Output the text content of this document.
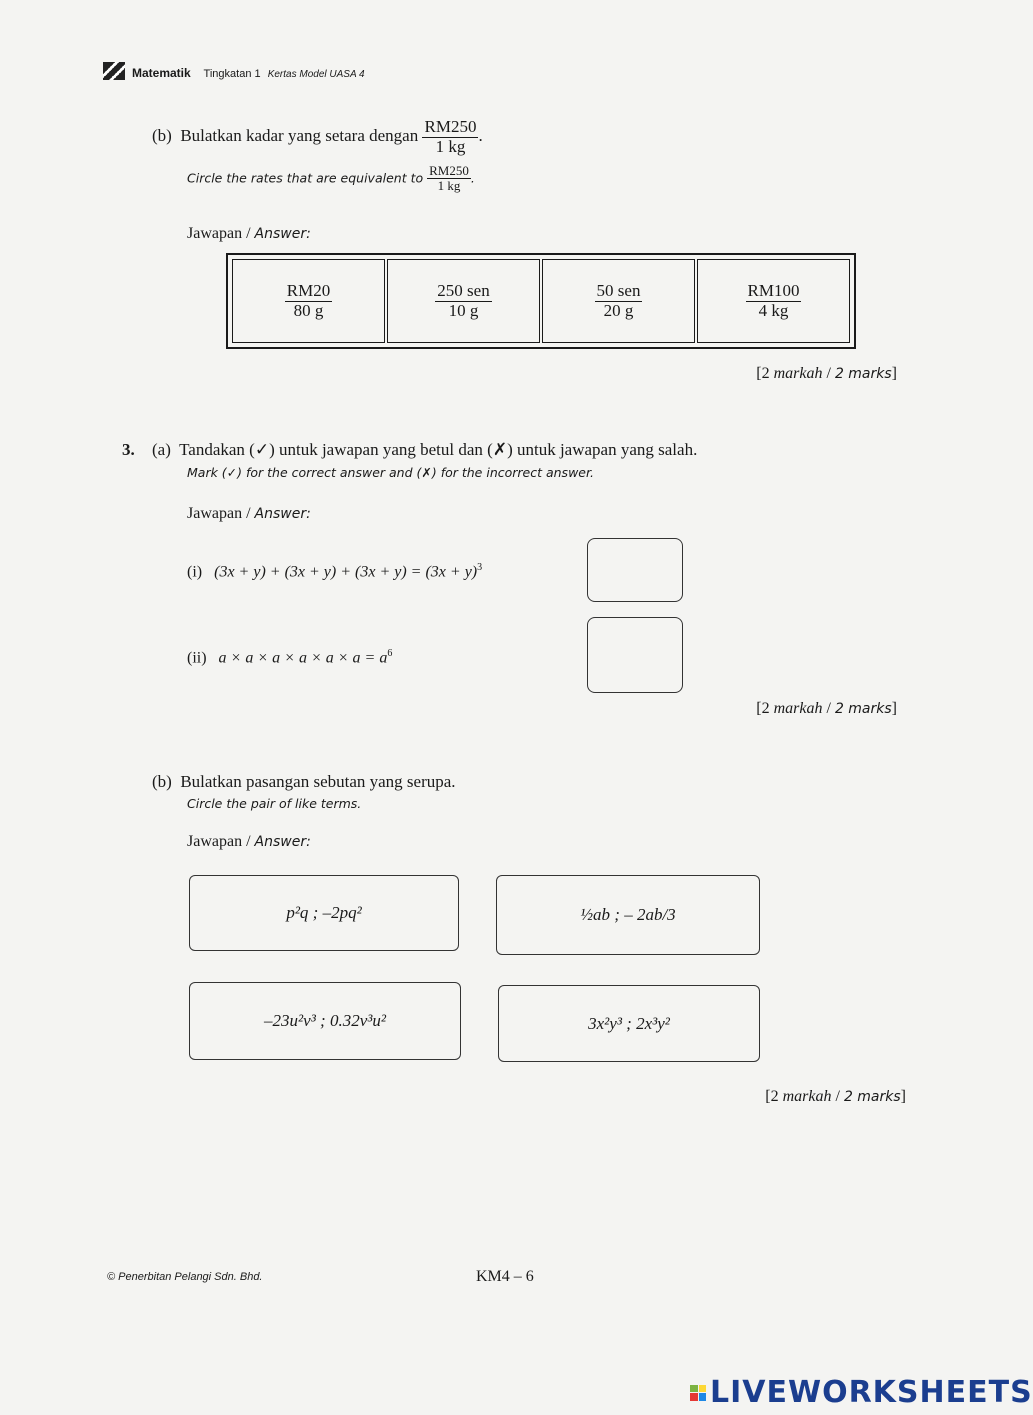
Matematik Tingkatan 1 Kertas Model UASA 4
(b) Bulatkan kadar yang setara dengan $\frac{RM250}{1 kg}$ .
Circle the rates that are equivalent to $\frac{RM250}{1 kg}$ .
Jawapan / Answer:
$\frac{RM20}{80 g}$	$\frac{\text{250 sen}}{10 g}$	$\frac{\text{50 sen}}{20 g}$	$\frac{RM100}{4 kg}$
[2 markah / 2 marks]
3. (a) Tandakan (✓) untuk jawapan yang betul dan (✗) untuk jawapan yang salah.
Mark (✓) for the correct answer and (✗) for the incorrect answer.
Jawapan / Answer:
(i) $(3x + y) + (3x + y) + (3x + y) = (3x + y)^3$
(ii) $a \times a \times a \times a \times a \times a = a^6$
[2 markah / 2 marks]
(b) Bulatkan pasangan sebutan yang serupa.
Circle the pair of like terms.
Jawapan / Answer:
p²q ; –2pq²	½ab ; – 2ab/3
–23u²v³ ; 0.32v³u²	3x²y³ ; 2x³y²
[2 markah / 2 marks]
© Penerbitan Pelangi Sdn. Bhd.	KM4 – 6
LIVEWORKSHEETS
